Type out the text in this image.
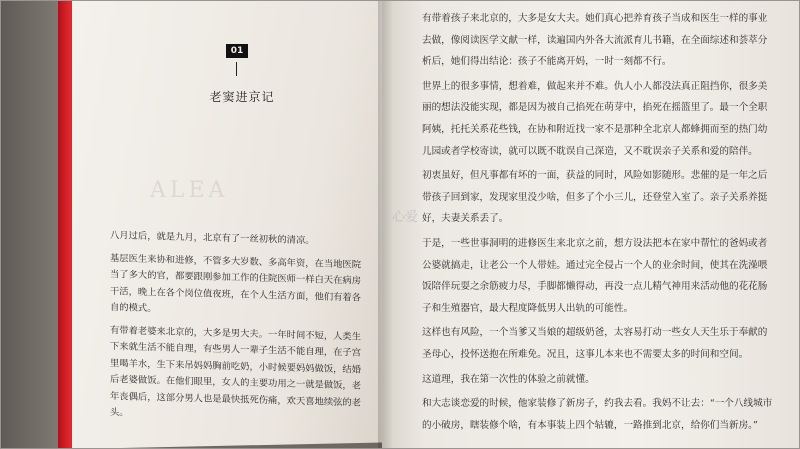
01
老窦进京记
ALEA

八月过后，就是九月，北京有了一丝初秋的清凉。

基层医生来协和进修，不管多大岁数、多高年资，在当地医院当了多大的官，都要跟刚参加工作的住院医师一样白天在病房干活，晚上在各个岗位值夜班，在个人生活方面，他们有着各自的模式。

有带着老婆来北京的，大多是男大夫。一年时间不短，人类生下来就生活不能自理，有些男人一辈子生活不能自理，在子宫里喝羊水，生下来吊妈妈胸前吃奶，小时候要妈妈做饭，结婚后老婆做饭。在他们眼里，女人的主要功用之一就是做饭，老年丧偶后，这部分男人也是最快抵死伤痛，欢天喜地续弦的老头。

有带着孩子来北京的，大多是女大夫。她们真心把养育孩子当成和医生一样的事业去做，像阅读医学文献一样，读遍国内外各大流派育儿书籍，在全面综述和荟萃分析后，她们得出结论：孩子不能离开妈，一时一刻都不行。

世界上的很多事情，想着难，做起来并不难。仇人小人都没法真正阻挡你，很多美丽的想法没能实现，都是因为被自己掐死在萌芽中，掐死在摇篮里了。最一个全职阿姨，托托关系花些钱，在协和附近找一家不是那种全北京人都蜂拥而至的热门幼儿园或者学校寄读，就可以既不耽误自己深造，又不耽误亲子关系和爱的陪伴。

初衷虽好，但凡事都有坏的一面，获益的同时，风险如影随形。悲催的是一年之后带孩子回到家，发现家里没少啥，但多了个小三儿，还登堂入室了。亲子关系养挺好，夫妻关系丢了。

于是，一些世事洞明的进修医生来北京之前，想方设法把本在家中帮忙的爸妈或者公婆就搞走，让老公一个人带娃。通过完全侵占一个人的业余时间，使其在洗澡喂饭陪伴玩耍之余筋疲力尽，手脚都懒得动，再没一点儿精气神用来活动他的花花肠子和生殖器官，最大程度降低男人出轨的可能性。

这样也有风险，一个当爹又当娘的超级奶爸，太容易打动一些女人天生乐于奉献的圣母心，投怀送抱在所难免。况且，这事儿本来也不需要太多的时间和空间。

这道理，我在第一次性的体验之前就懂。

和大志谈恋爱的时候，他家装修了新房子，约我去看。我妈不让去：“一个八线城市的小破房，瞎装修个啥，有本事装上四个轱辘，一路推到北京，给你们当新房。”

心爱
